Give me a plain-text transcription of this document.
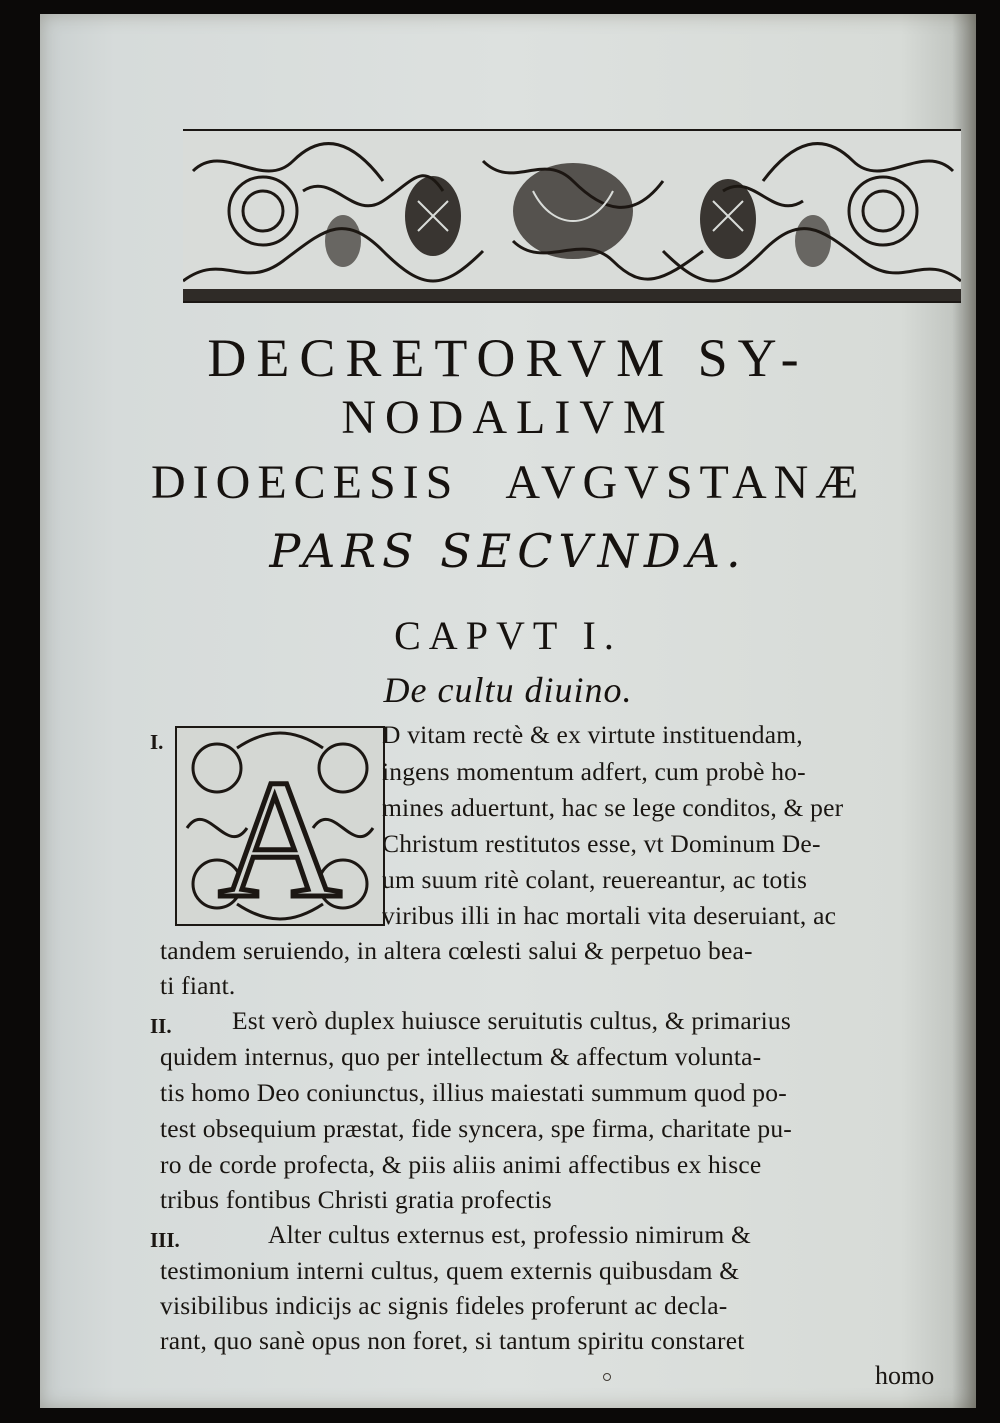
DECRETORVM SY-
NODALIVM
DIOECESIS AVGVSTANÆ
PARS SECVNDA.
CAPVT I.
De cultu diuino.
A
I.	D vitam rectè & ex virtute instituendam,
ingens momentum adfert, cum probè ho-
mines aduertunt, hac se lege conditos, & per
Christum restitutos esse, vt Dominum De-
um suum ritè colant, reuereantur, ac totis
viribus illi in hac mortali vita deseruiant, ac
tandem seruiendo, in altera cœlesti salui & perpetuo bea-
ti fiant.
II. Est verò duplex huiusce seruitutis cultus, & primarius
quidem internus, quo per intellectum & affectum volunta-
tis homo Deo coniunctus, illius maiestati summum quod po-
test obsequium præstat, fide syncera, spe firma, charitate pu-
ro de corde profecta, & piis aliis animi affectibus ex hisce
tribus fontibus Christi gratia profectis
III.	Alter cultus externus est, professio nimirum &
testimonium interni cultus, quem externis quibusdam &
visibilibus indicijs ac signis fideles proferunt ac decla-
rant, quo sanè opus non foret, si tantum spiritu constaret
homo
